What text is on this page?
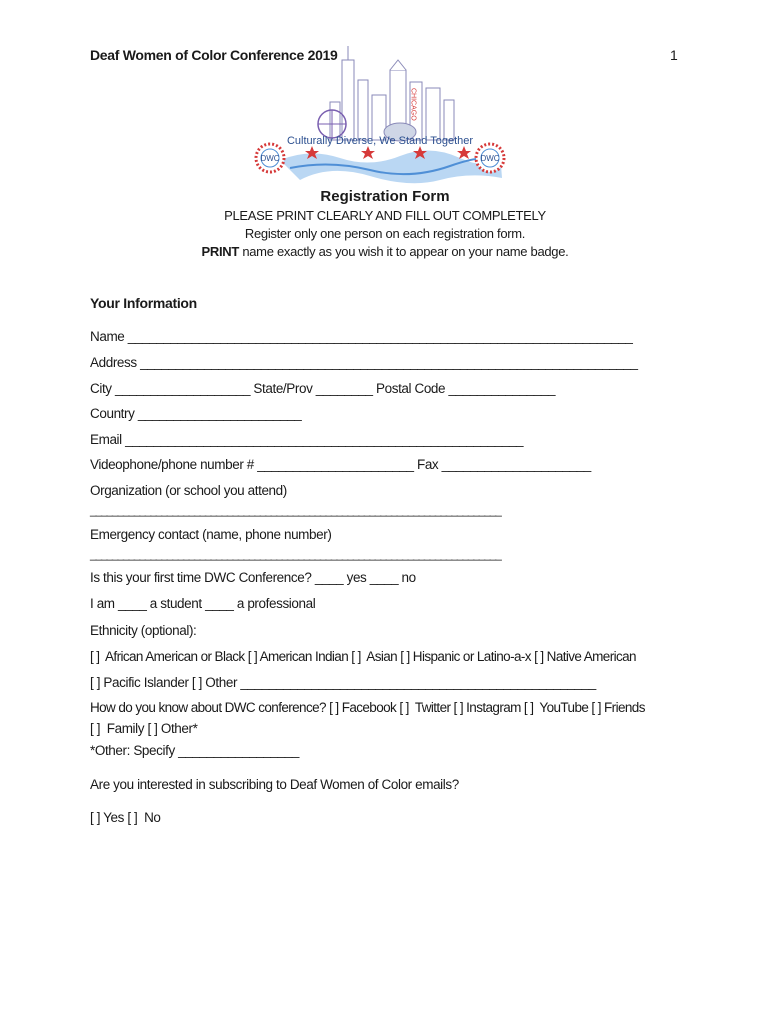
Deaf Women of Color Conference 2019	1
CHICAGO
Culturally Diverse, We Stand Together
DWC	DWC
Registration Form
PLEASE PRINT CLEARLY AND FILL OUT COMPLETELY
Register only one person on each registration form.
PRINT name exactly as you wish it to appear on your name badge.
Your Information
Name _______________________________________________________________________
Address ______________________________________________________________________
City ___________________ State/Prov ________ Postal Code _______________
Country _______________________
Email ________________________________________________________
Videophone/phone number # ______________________ Fax _____________________
Organization (or school you attend)
___________________________________________________________________________
Emergency contact (name, phone number)
___________________________________________________________________________
Is this your first time DWC Conference? ____ yes ____ no
I am ____ a student ____ a professional
Ethnicity (optional):
[ ]  African American or Black [ ] American Indian [ ]  Asian [ ] Hispanic or Latino-a-x [ ] Native American
[ ] Pacific Islander [ ] Other __________________________________________________
How do you know about DWC conference? [ ] Facebook [ ]  Twitter [ ] Instagram [ ]  YouTube [ ] Friends
[ ]  Family [ ] Other*
*Other: Specify _________________
Are you interested in subscribing to Deaf Women of Color emails?
[ ] Yes [ ]  No
